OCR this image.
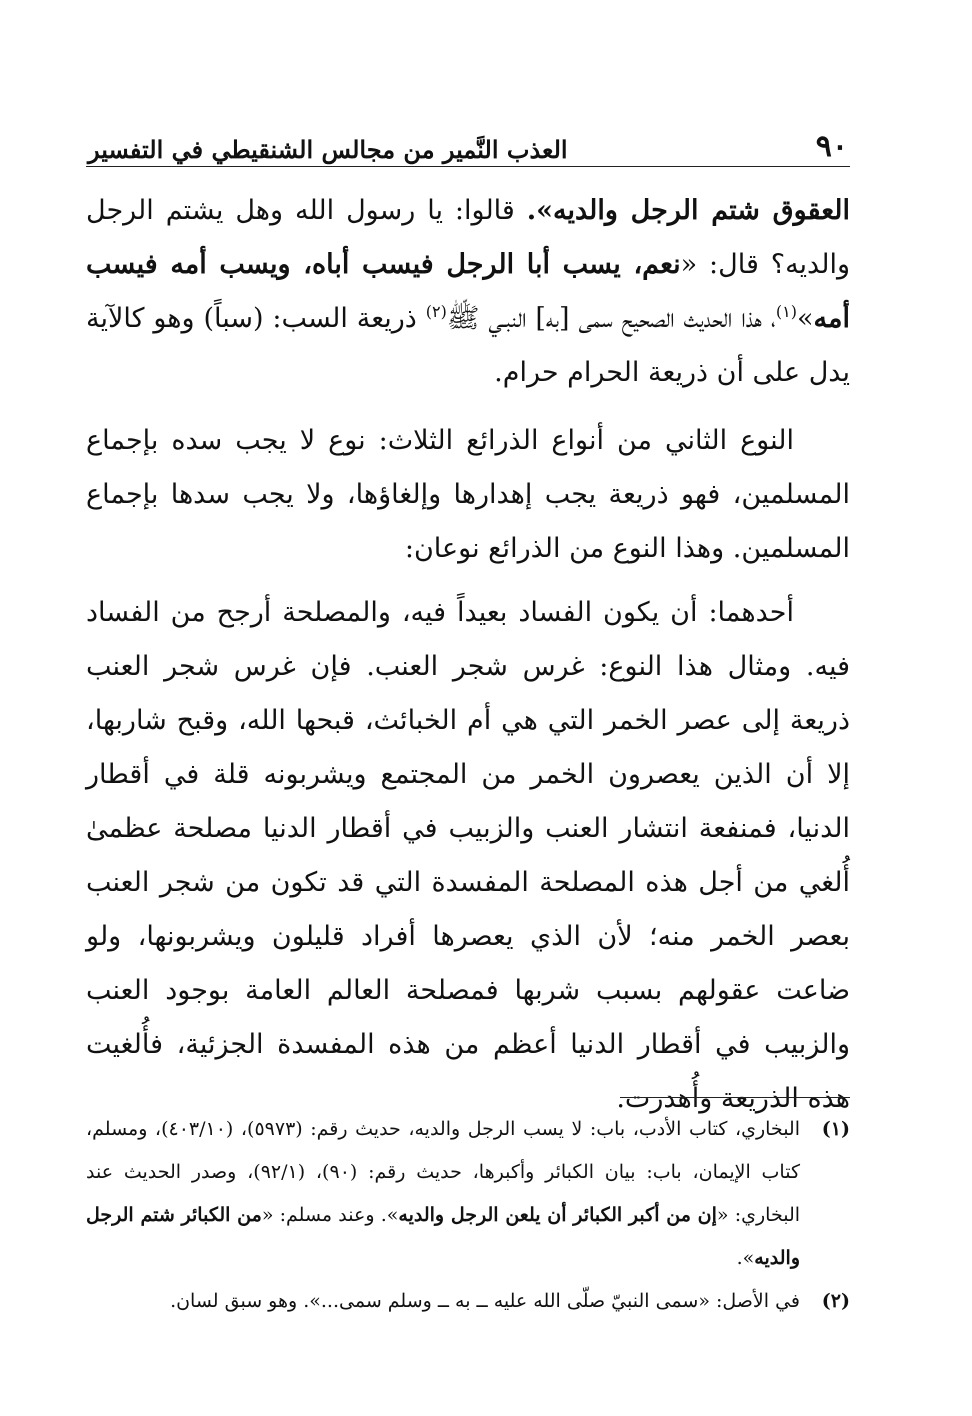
٩٠
العذب النَّمير من مجالس الشنقيطي في التفسير

العقوق شتم الرجل والديه». قالوا: يا رسول الله وهل يشتم الرجل والديه؟ قال: «نعم، يسب أبا الرجل فيسب أباه، ويسب أمه فيسب أمه»$^{(١)}$، هذا الحديث الصحيح سمى [به] النبـي ﷺ$^{(٢)}$ ذريعة السب: (سباً) وهو كالآية يدل على أن ذريعة الحرام حرام.

النوع الثاني من أنواع الذرائع الثلاث: نوع لا يجب سده بإجماع المسلمين، فهو ذريعة يجب إهدارها وإلغاؤها، ولا يجب سدها بإجماع المسلمين. وهذا النوع من الذرائع نوعان:

أحدهما: أن يكون الفساد بعيداً فيه، والمصلحة أرجح من الفساد فيه. ومثال هذا النوع: غرس شجر العنب. فإن غرس شجر العنب ذريعة إلى عصر الخمر التي هي أم الخبائث، قبحها الله، وقبح شاربها، إلا أن الذين يعصرون الخمر من المجتمع ويشربونه قلة في أقطار الدنيا، فمنفعة انتشار العنب والزبيب في أقطار الدنيا مصلحة عظمىٰ أُلغي من أجل هذه المصلحة المفسدة التي قد تكون من شجر العنب بعصر الخمر منه؛ لأن الذي يعصرها أفراد قليلون ويشربونها، ولو ضاعت عقولهم بسبب شربها فمصلحة العالم العامة بوجود العنب والزبيب في أقطار الدنيا أعظم من هذه المفسدة الجزئية، فأُلغيت هذه الذريعة وأُهدرت.

(١)
البخاري، كتاب الأدب، باب: لا يسب الرجل والديه، حديث رقم: (٥٩٧٣)، (٤٠٣/١٠)، ومسلم، كتاب الإيمان، باب: بيان الكبائر وأكبرها، حديث رقم: (٩٠)، (٩٢/١)، وصدر الحديث عند البخاري: «إن من أكبر الكبائر أن يلعن الرجل والديه». وعند مسلم: «من الكبائر شتم الرجل والديه».
(٢)
في الأصل: «سمى النبيّ صلّى الله عليه ــ به ــ وسلم سمى...». وهو سبق لسان.
